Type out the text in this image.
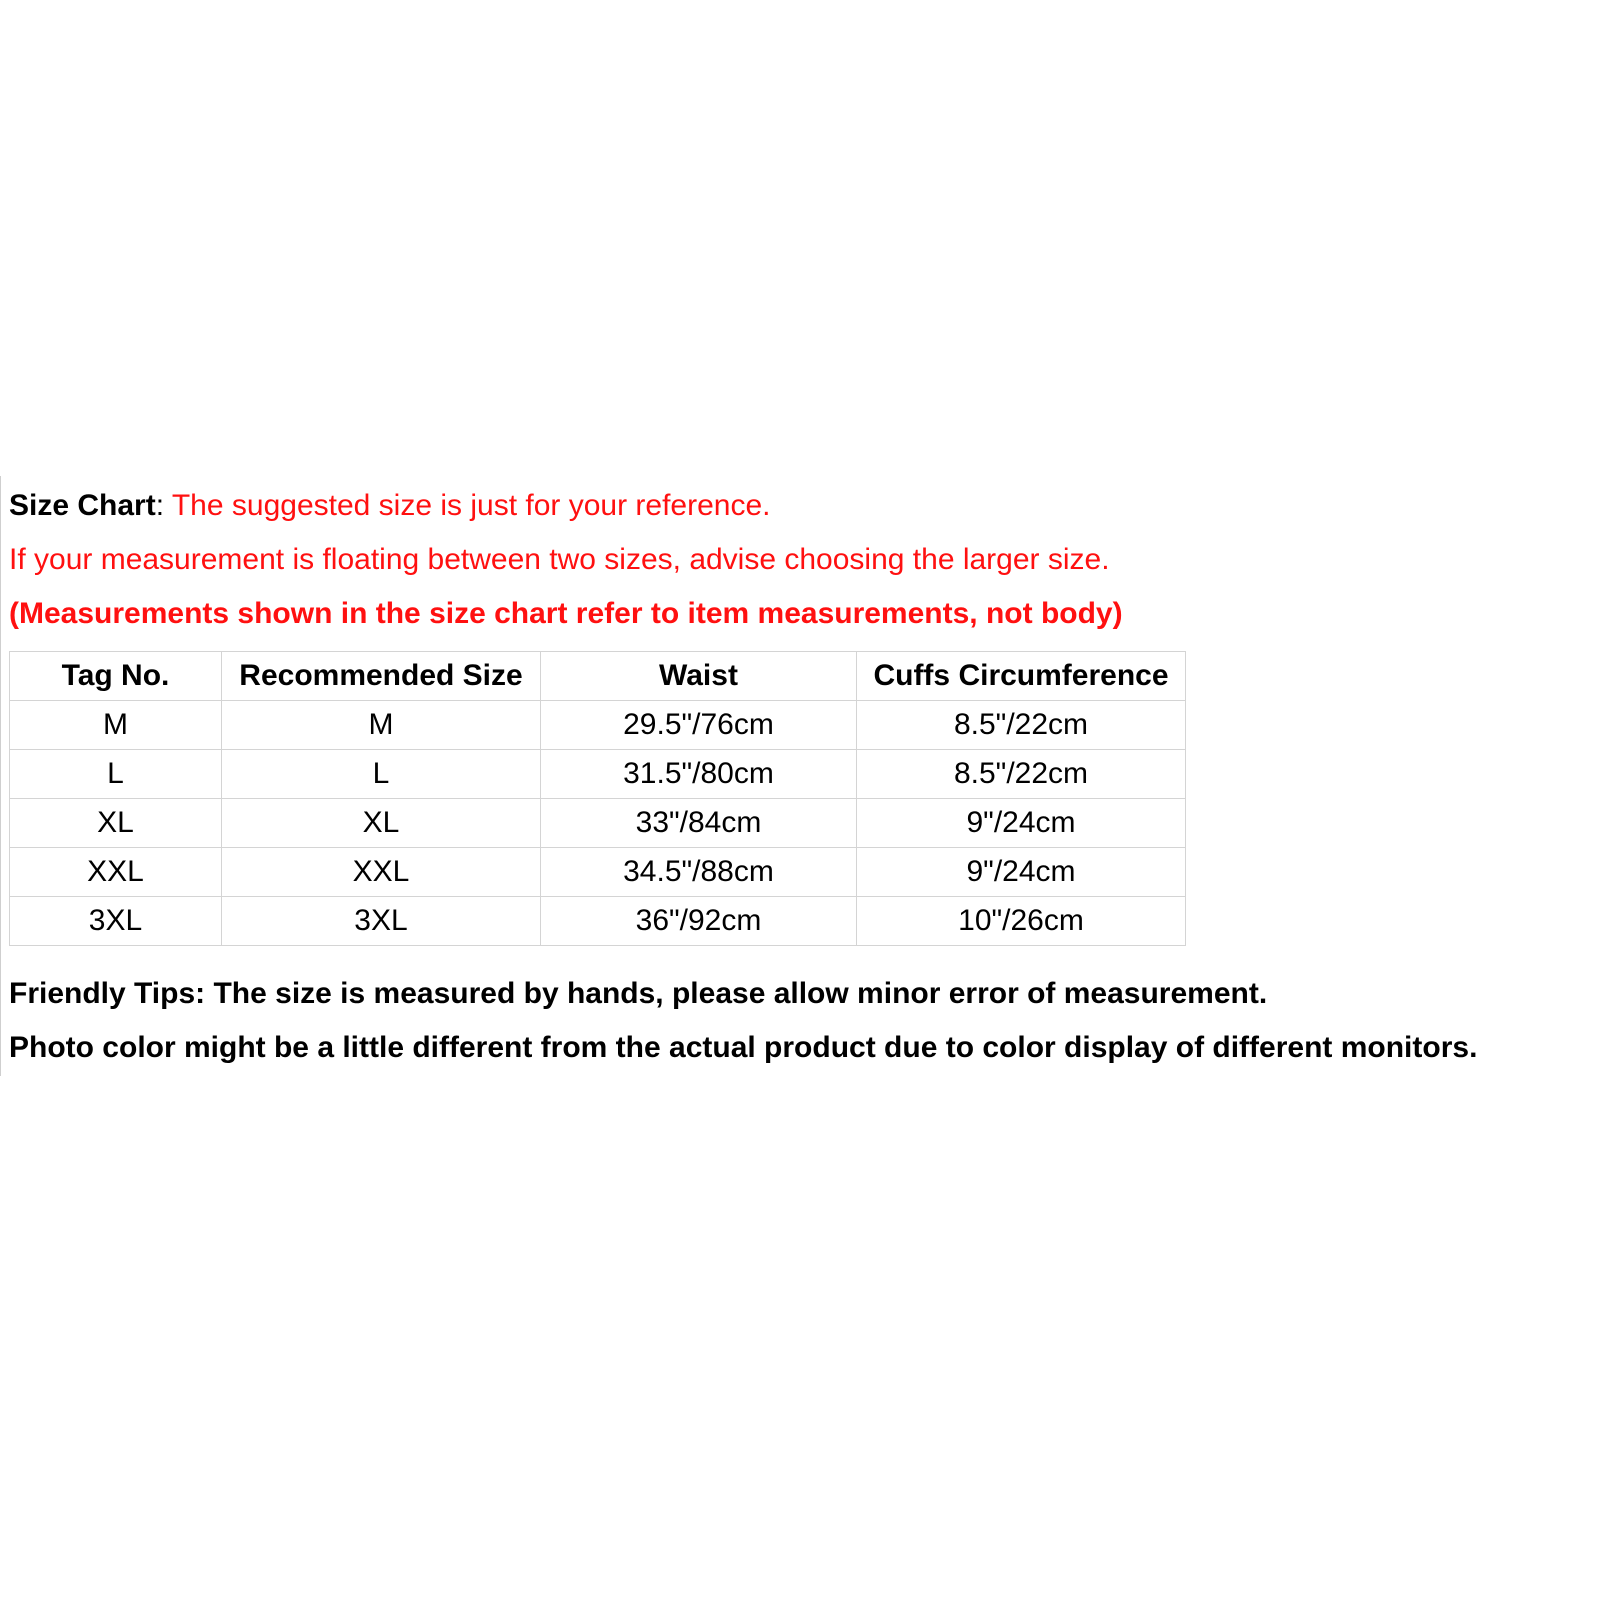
Size Chart: The suggested size is just for your reference.
If your measurement is floating between two sizes, advise choosing the larger size.
(Measurements shown in the size chart refer to item measurements, not body)
Tag No.	Recommended Size	Waist	Cuffs Circumference
M	M	29.5"/76cm	8.5"/22cm
L	L	31.5"/80cm	8.5"/22cm
XL	XL	33"/84cm	9"/24cm
XXL	XXL	34.5"/88cm	9"/24cm
3XL	3XL	36"/92cm	10"/26cm
Friendly Tips: The size is measured by hands, please allow minor error of measurement.
Photo color might be a little different from the actual product due to color display of different monitors.
